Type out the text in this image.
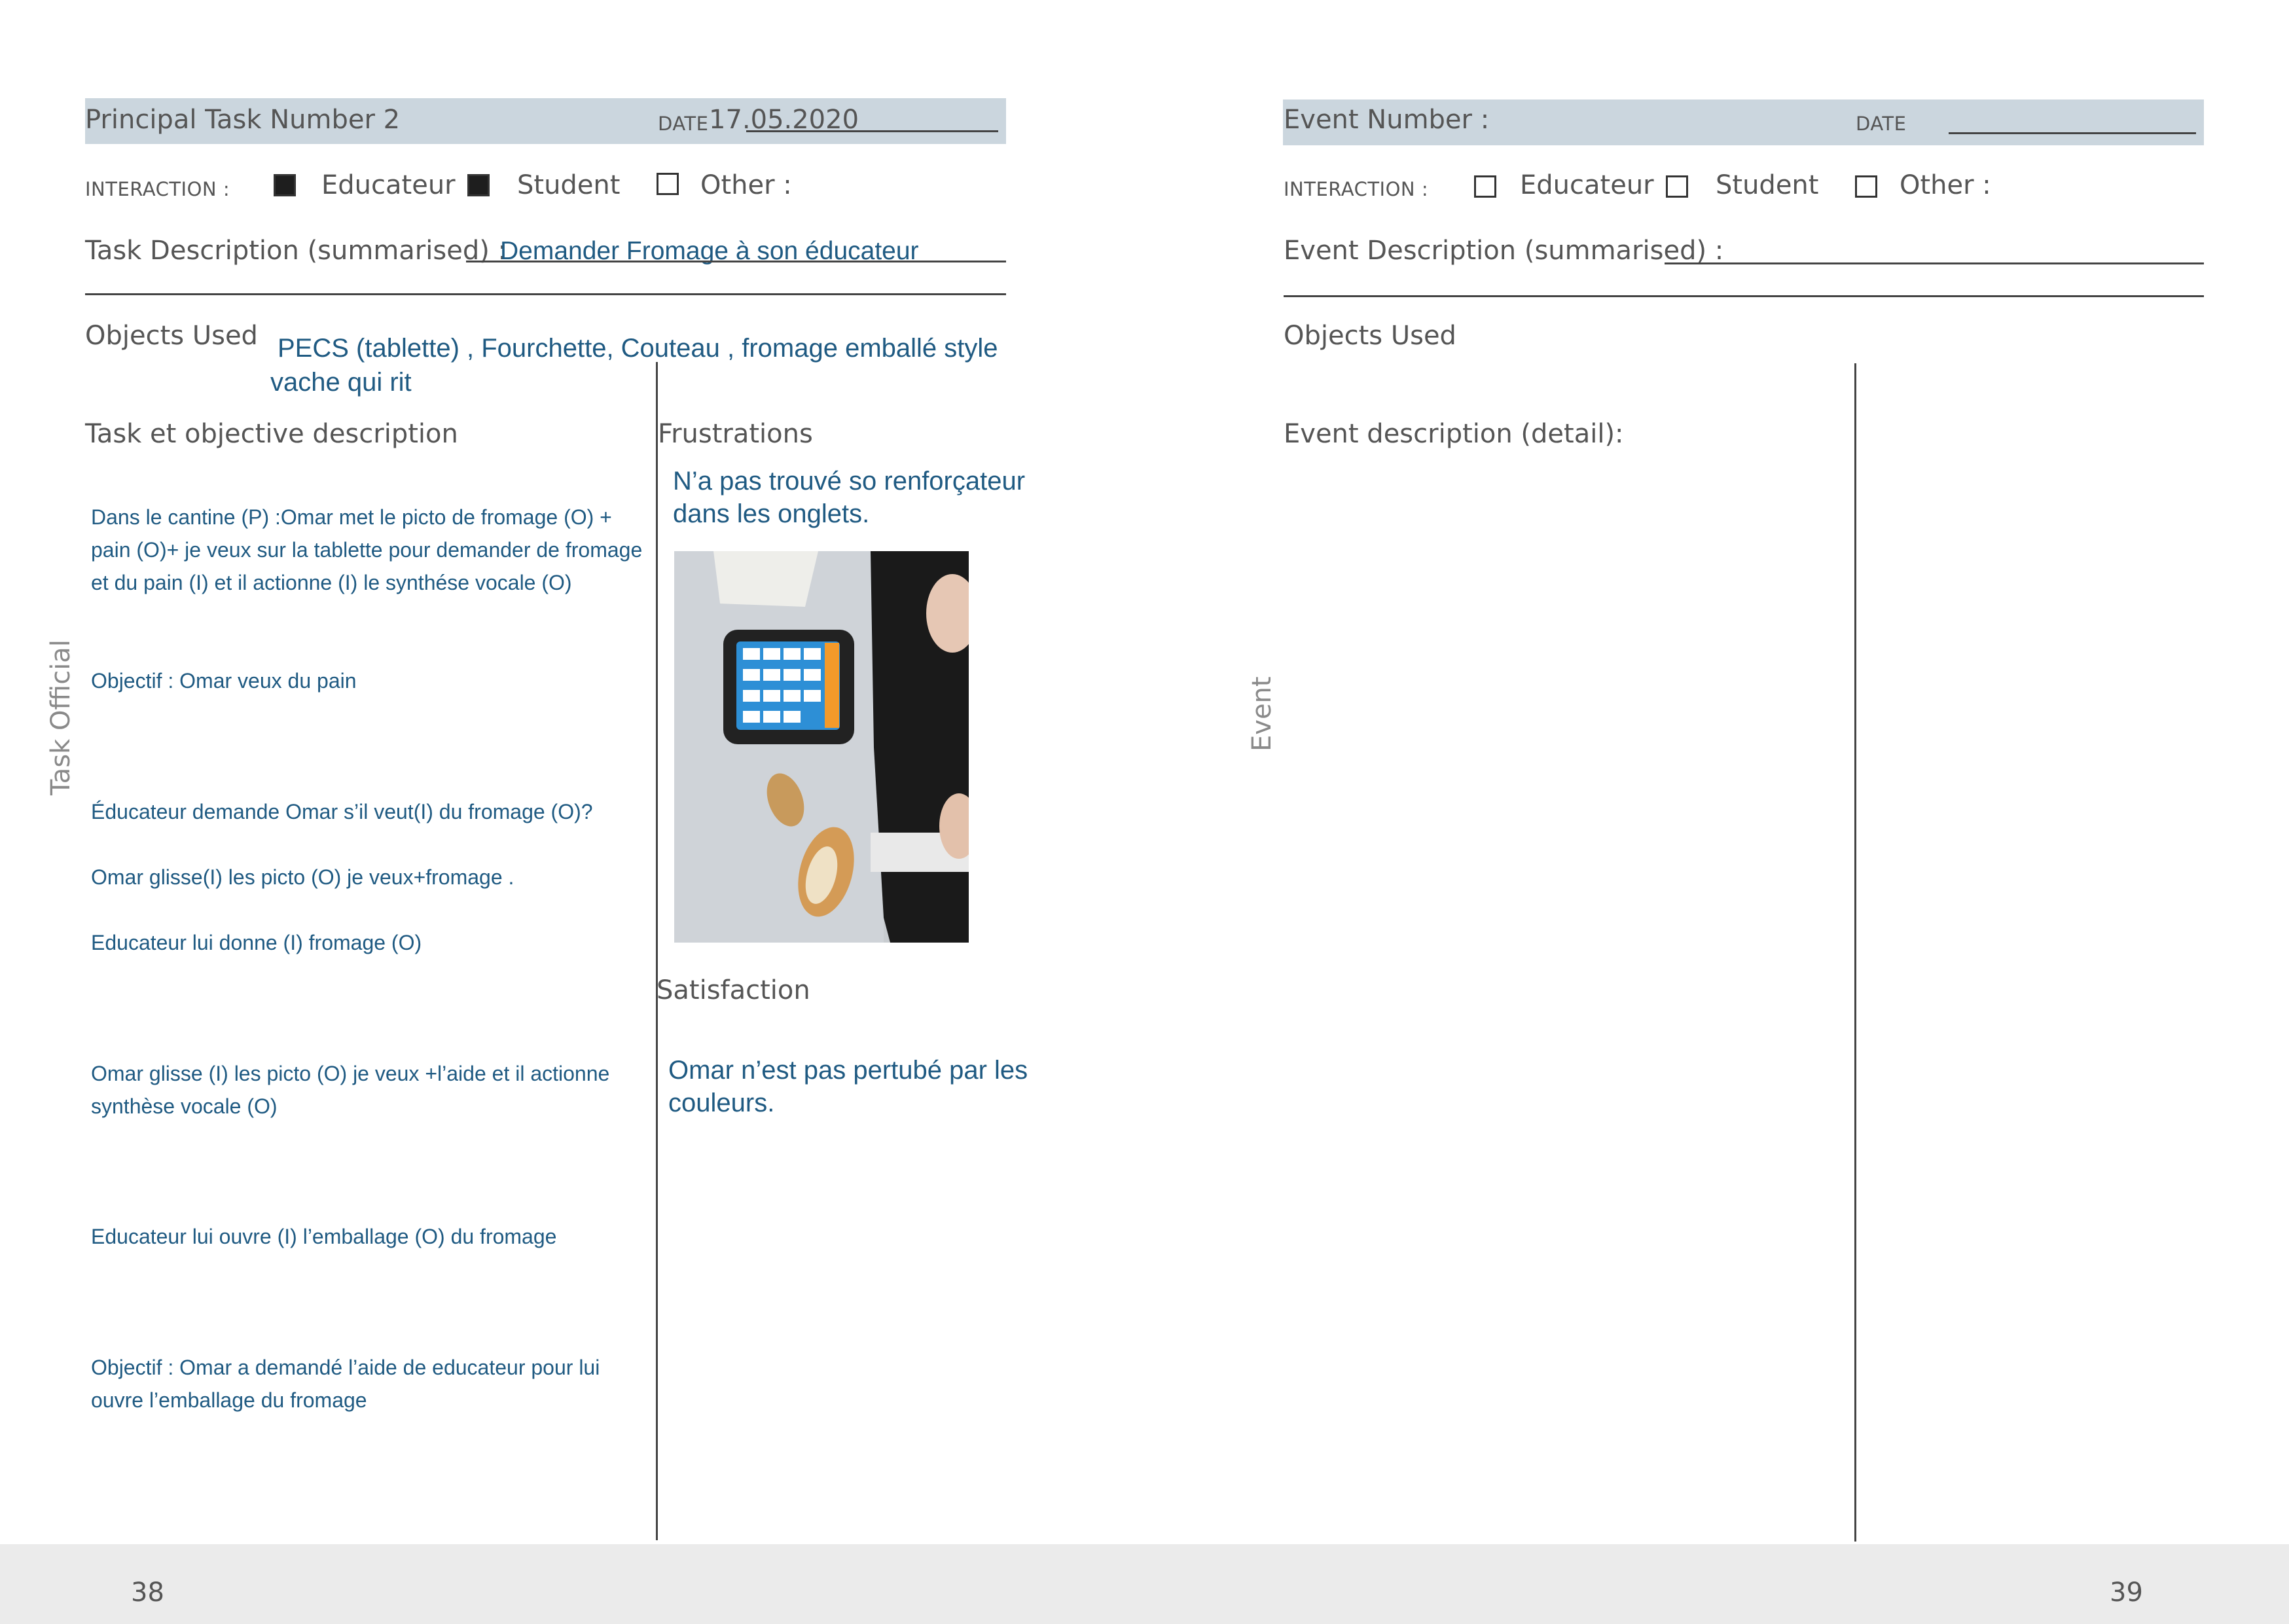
Principal Task Number 2	DATE 17.05.2020
INTERACTION :	Educateur Student	Other :
Task Description (summarised) :
Demander Fromage à son éducateur
Objects Used PECS (tablette) , Fourchette, Couteau , fromage emballé style
vache qui rit
Task et objective description	Frustrations
Task Official
Dans le cantine (P) :Omar met le picto de fromage (O) + pain (O)+ je veux sur la tablette pour demander de fromage et du pain (I) et il actionne (I) le synthése vocale (O)
Objectif : Omar veux du pain
Éducateur demande Omar s’il veut(I) du fromage (O)?
Omar glisse(I) les picto (O) je veux+fromage .
Educateur lui donne (I) fromage (O)
Omar glisse (I) les picto (O) je veux +l’aide et il actionne synthèse vocale (O)
Educateur lui ouvre (I) l’emballage (O) du fromage
Objectif : Omar a demandé l’aide de educateur pour lui ouvre l’emballage du fromage
N’a pas trouvé so renforçateur dans les onglets.
Satisfaction
Omar n’est pas pertubé par les couleurs.
Event Number :	DATE
INTERACTION :	Educateur Student	Other :
Event Description (summarised) :
Objects Used
Event description (detail):
Event
38	39
